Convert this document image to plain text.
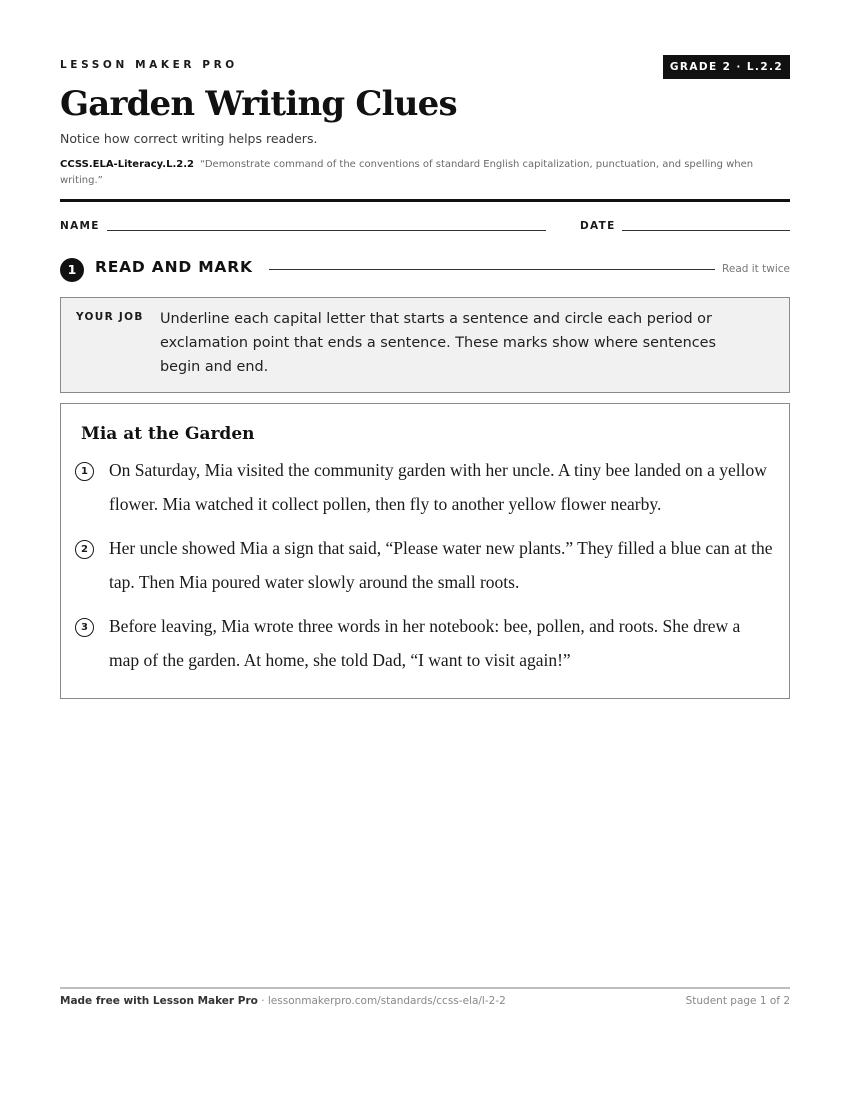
LESSON MAKER PRO	GRADE 2 · L.2.2
Garden Writing Clues
Notice how correct writing helps readers.
CCSS.ELA-Literacy.L.2.2 “Demonstrate command of the conventions of standard English capitalization, punctuation, and spelling when writing.”
NAME	DATE
1	READ AND MARK	Read it twice
YOUR JOB Underline each capital letter that starts a sentence and circle each period or exclamation point that ends a sentence. These marks show where sentences begin and end.
Mia at the Garden
1	On Saturday, Mia visited the community garden with her uncle. A tiny bee landed on a yellow flower. Mia watched it collect pollen, then fly to another yellow flower nearby.

2	Her uncle showed Mia a sign that said, “Please water new plants.” They filled a blue can at the tap. Then Mia poured water slowly around the small roots.

3	Before leaving, Mia wrote three words in her notebook: bee, pollen, and roots. She drew a map of the garden. At home, she told Dad, “I want to visit again!”

Made free with Lesson Maker Pro · lessonmakerpro.com/standards/ccss-ela/l-2-2	Student page 1 of 2
